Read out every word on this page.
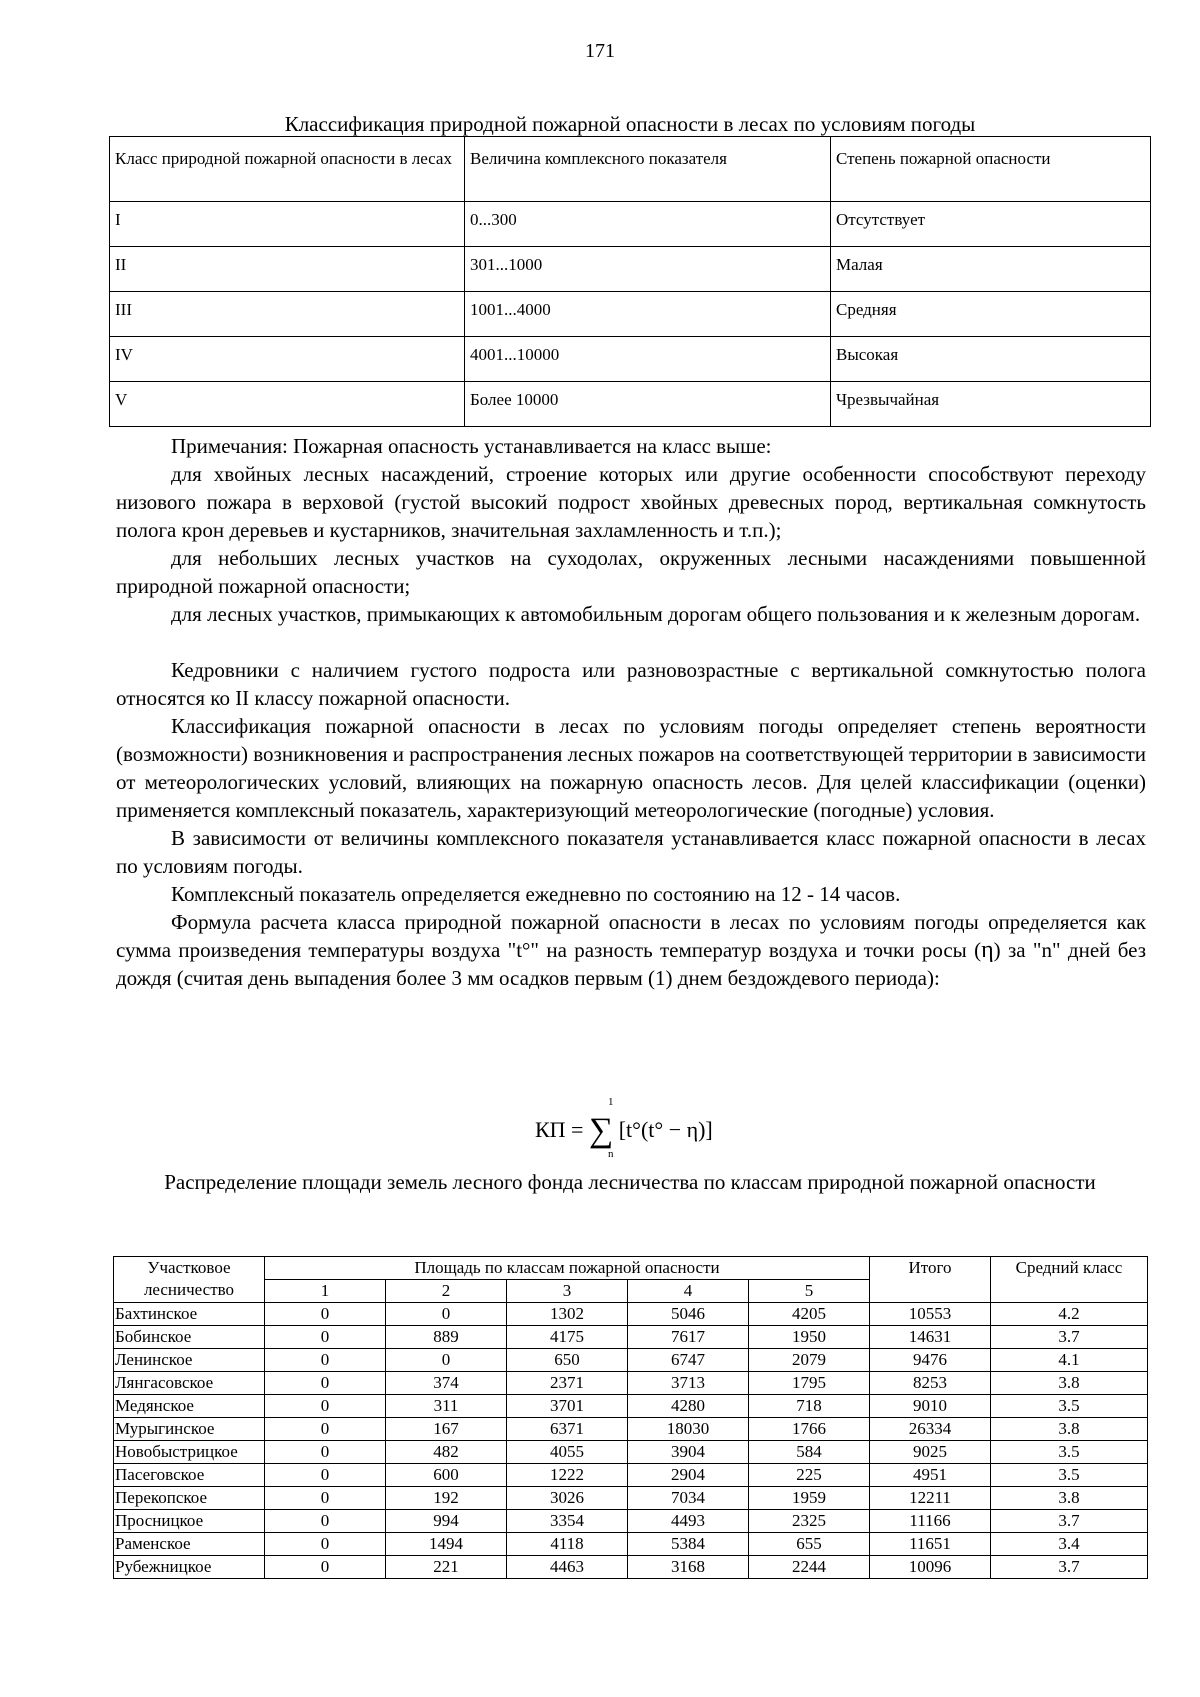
171
Классификация природной пожарной опасности в лесах по условиям погоды
Класс природной пожарной опасности в лесах	Величина комплексного показателя	Степень пожарной опасности
I	0...300	Отсутствует
II	301...1000	Малая
III	1001...4000	Средняя
IV	4001...10000	Высокая
V	Более 10000	Чрезвычайная

Примечания: Пожарная опасность устанавливается на класс выше:

для хвойных лесных насаждений, строение которых или другие особенности способствуют переходу низового пожара в верховой (густой высокий подрост хвойных древесных пород, вертикальная сомкнутость полога крон деревьев и кустарников, значительная захламленность и т.п.);

для небольших лесных участков на суходолах, окруженных лесными насаждениями повышенной природной пожарной опасности;

для лесных участков, примыкающих к автомобильным дорогам общего пользования и к железным дорогам.

Кедровники с наличием густого подроста или разновозрастные с вертикальной сомкнутостью полога относятся ко II классу пожарной опасности.

Классификация пожарной опасности в лесах по условиям погоды определяет степень вероятности (возможности) возникновения и распространения лесных пожаров на соответствующей территории в зависимости от метеорологических условий, влияющих на пожарную опасность лесов. Для целей классификации (оценки) применяется комплексный показатель, характеризующий метеорологические (погодные) условия.

В зависимости от величины комплексного показателя устанавливается класс пожарной опасности в лесах по условиям погоды.

Комплексный показатель определяется ежедневно по состоянию на 12 - 14 часов.

Формула расчета класса природной пожарной опасности в лесах по условиям погоды определяется как сумма произведения температуры воздуха "t°" на разность температур воздуха и точки росы (η) за "n" дней без дождя (считая день выпадения более 3 мм осадков первым (1) днем бездождевого периода):

КП = ∑
1
n
[t°(t° − η)]
Распределение площади земель лесного фонда лесничества по классам природной пожарной опасности
Участковое лесничество	Площадь по классам пожарной опасности					Итого	Средний класс
	1	2	3	4	5		
Бахтинское	0	0	1302	5046	4205	10553	4.2
Бобинское	0	889	4175	7617	1950	14631	3.7
Ленинское	0	0	650	6747	2079	9476	4.1
Лянгасовское	0	374	2371	3713	1795	8253	3.8
Медянское	0	311	3701	4280	718	9010	3.5
Мурыгинское	0	167	6371	18030	1766	26334	3.8
Новобыстрицкое	0	482	4055	3904	584	9025	3.5
Пасеговское	0	600	1222	2904	225	4951	3.5
Перекопское	0	192	3026	7034	1959	12211	3.8
Просницкое	0	994	3354	4493	2325	11166	3.7
Раменское	0	1494	4118	5384	655	11651	3.4
Рубежницкое	0	221	4463	3168	2244	10096	3.7
